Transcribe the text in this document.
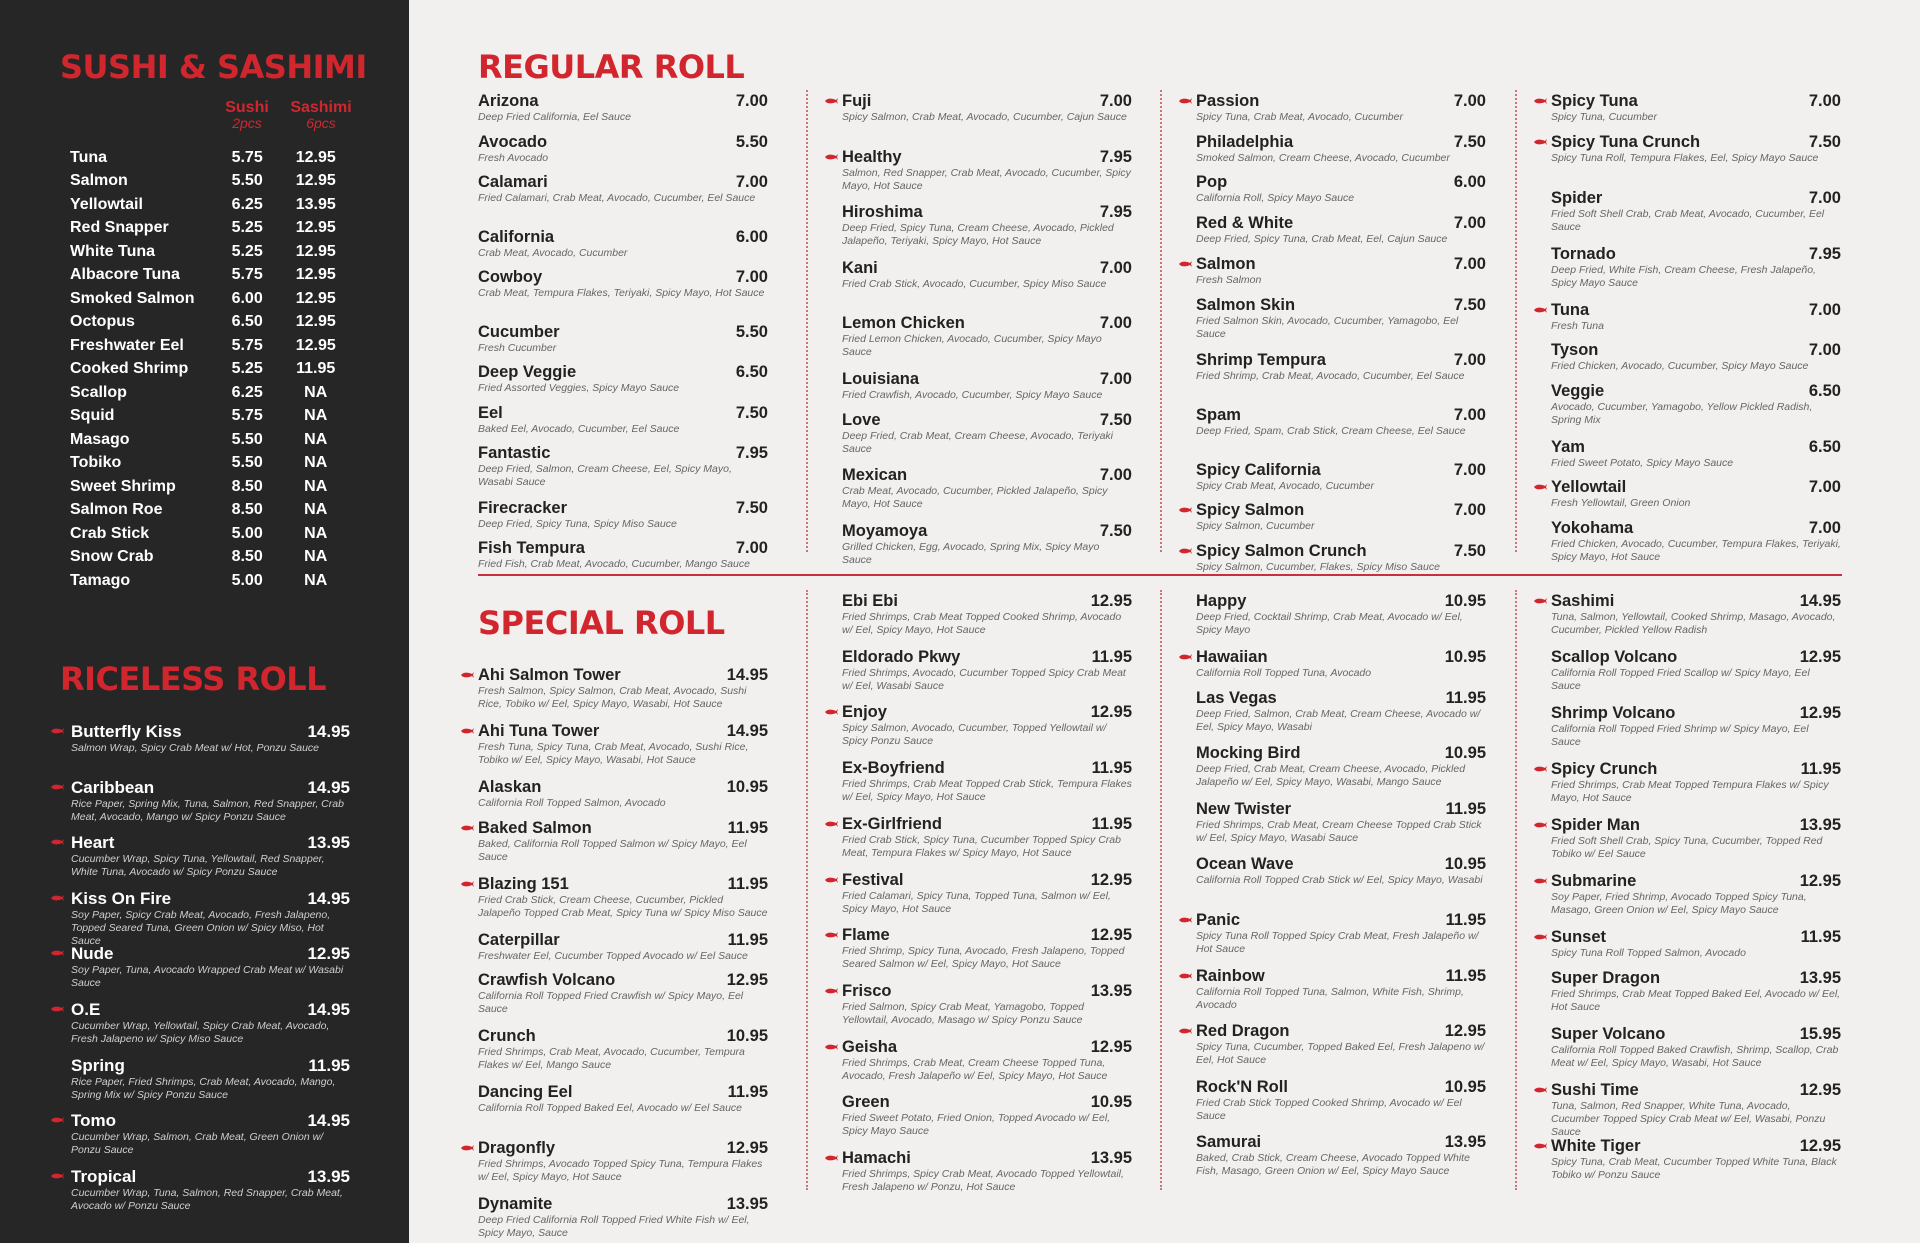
SUSHI & SASHIMI
Sushi
2pcs
Sashimi
6pcs
Tuna	5.75	12.95
Salmon	5.50	12.95
Yellowtail	6.25	13.95
Red Snapper	5.25	12.95
White Tuna	5.25	12.95
Albacore Tuna	5.75	12.95
Smoked Salmon	6.00	12.95
Octopus	6.50	12.95
Freshwater Eel	5.75	12.95
Cooked Shrimp	5.25	11.95
Scallop	6.25	NA
Squid	5.75	NA
Masago	5.50	NA
Tobiko	5.50	NA
Sweet Shrimp	8.50	NA
Salmon Roe	8.50	NA
Crab Stick	5.00	NA
Snow Crab	8.50	NA
Tamago	5.00	NA
RICELESS ROLL
Butterfly Kiss	14.95
Salmon Wrap, Spicy Crab Meat w/ Hot, Ponzu Sauce
Caribbean	14.95
Rice Paper, Spring Mix, Tuna, Salmon, Red Snapper, Crab Meat, Avocado, Mango w/ Spicy Ponzu Sauce
Heart	13.95
Cucumber Wrap, Spicy Tuna, Yellowtail, Red Snapper, White Tuna, Avocado w/ Spicy Ponzu Sauce
Kiss On Fire	14.95
Soy Paper, Spicy Crab Meat, Avocado, Fresh Jalapeno, Topped Seared Tuna, Green Onion w/ Spicy Miso, Hot Sauce
Nude	12.95
Soy Paper, Tuna, Avocado Wrapped Crab Meat w/ Wasabi Sauce
O.E	14.95
Cucumber Wrap, Yellowtail, Spicy Crab Meat, Avocado, Fresh Jalapeno w/ Spicy Miso Sauce
Spring	11.95
Rice Paper, Fried Shrimps, Crab Meat, Avocado, Mango, Spring Mix w/ Spicy Ponzu Sauce
Tomo	14.95
Cucumber Wrap, Salmon, Crab Meat, Green Onion w/ Ponzu Sauce
Tropical	13.95
Cucumber Wrap, Tuna, Salmon, Red Snapper, Crab Meat, Avocado w/ Ponzu Sauce
REGULAR ROLL
Arizona	7.00
Deep Fried California, Eel Sauce
Avocado	5.50
Fresh Avocado
Calamari	7.00
Fried Calamari, Crab Meat, Avocado, Cucumber, Eel Sauce
California	6.00
Crab Meat, Avocado, Cucumber
Cowboy	7.00
Crab Meat, Tempura Flakes, Teriyaki, Spicy Mayo, Hot Sauce
Cucumber	5.50
Fresh Cucumber
Deep Veggie	6.50
Fried Assorted Veggies, Spicy Mayo Sauce
Eel	7.50
Baked Eel, Avocado, Cucumber, Eel Sauce
Fantastic	7.95
Deep Fried, Salmon, Cream Cheese, Eel, Spicy Mayo, Wasabi Sauce
Firecracker	7.50
Deep Fried, Spicy Tuna, Spicy Miso Sauce
Fish Tempura	7.00
Fried Fish, Crab Meat, Avocado, Cucumber, Mango Sauce
Fuji	7.00
Spicy Salmon, Crab Meat, Avocado, Cucumber, Cajun Sauce
Healthy	7.95
Salmon, Red Snapper, Crab Meat, Avocado, Cucumber, Spicy Mayo, Hot Sauce
Hiroshima	7.95
Deep Fried, Spicy Tuna, Cream Cheese, Avocado, Pickled Jalapeño, Teriyaki, Spicy Mayo, Hot Sauce
Kani	7.00
Fried Crab Stick, Avocado, Cucumber, Spicy Miso Sauce
Lemon Chicken	7.00
Fried Lemon Chicken, Avocado, Cucumber, Spicy Mayo Sauce
Louisiana	7.00
Fried Crawfish, Avocado, Cucumber, Spicy Mayo Sauce
Love	7.50
Deep Fried, Crab Meat, Cream Cheese, Avocado, Teriyaki Sauce
Mexican	7.00
Crab Meat, Avocado, Cucumber, Pickled Jalapeño, Spicy Mayo, Hot Sauce
Moyamoya	7.50
Grilled Chicken, Egg, Avocado, Spring Mix, Spicy Mayo Sauce
Passion	7.00
Spicy Tuna, Crab Meat, Avocado, Cucumber
Philadelphia	7.50
Smoked Salmon, Cream Cheese, Avocado, Cucumber
Pop	6.00
California Roll, Spicy Mayo Sauce
Red & White	7.00
Deep Fried, Spicy Tuna, Crab Meat, Eel, Cajun Sauce
Salmon	7.00
Fresh Salmon
Salmon Skin	7.50
Fried Salmon Skin, Avocado, Cucumber, Yamagobo, Eel Sauce
Shrimp Tempura	7.00
Fried Shrimp, Crab Meat, Avocado, Cucumber, Eel Sauce
Spam	7.00
Deep Fried, Spam, Crab Stick, Cream Cheese, Eel Sauce
Spicy California	7.00
Spicy Crab Meat, Avocado, Cucumber
Spicy Salmon	7.00
Spicy Salmon, Cucumber
Spicy Salmon Crunch	7.50
Spicy Salmon, Cucumber, Flakes, Spicy Miso Sauce
Spicy Tuna	7.00
Spicy Tuna, Cucumber
Spicy Tuna Crunch	7.50
Spicy Tuna Roll, Tempura Flakes, Eel, Spicy Mayo Sauce
Spider	7.00
Fried Soft Shell Crab, Crab Meat, Avocado, Cucumber, Eel Sauce
Tornado	7.95
Deep Fried, White Fish, Cream Cheese, Fresh Jalapeño, Spicy Mayo Sauce
Tuna	7.00
Fresh Tuna
Tyson	7.00
Fried Chicken, Avocado, Cucumber, Spicy Mayo Sauce
Veggie	6.50
Avocado, Cucumber, Yamagobo, Yellow Pickled Radish, Spring Mix
Yam	6.50
Fried Sweet Potato, Spicy Mayo Sauce
Yellowtail	7.00
Fresh Yellowtail, Green Onion
Yokohama	7.00
Fried Chicken, Avocado, Cucumber, Tempura Flakes, Teriyaki, Spicy Mayo, Hot Sauce
SPECIAL ROLL
Ahi Salmon Tower	14.95
Fresh Salmon, Spicy Salmon, Crab Meat, Avocado, Sushi Rice, Tobiko w/ Eel, Spicy Mayo, Wasabi, Hot Sauce
Ahi Tuna Tower	14.95
Fresh Tuna, Spicy Tuna, Crab Meat, Avocado, Sushi Rice, Tobiko w/ Eel, Spicy Mayo, Wasabi, Hot Sauce
Alaskan	10.95
California Roll Topped Salmon, Avocado
Baked Salmon	11.95
Baked, California Roll Topped Salmon w/ Spicy Mayo, Eel Sauce
Blazing 151	11.95
Fried Crab Stick, Cream Cheese, Cucumber, Pickled Jalapeño Topped Crab Meat, Spicy Tuna w/ Spicy Miso Sauce
Caterpillar	11.95
Freshwater Eel, Cucumber Topped Avocado w/ Eel Sauce
Crawfish Volcano	12.95
California Roll Topped Fried Crawfish w/ Spicy Mayo, Eel Sauce
Crunch	10.95
Fried Shrimps, Crab Meat, Avocado, Cucumber, Tempura Flakes w/ Eel, Mango Sauce
Dancing Eel	11.95
California Roll Topped Baked Eel, Avocado w/ Eel Sauce
Dragonfly	12.95
Fried Shrimps, Avocado Topped Spicy Tuna, Tempura Flakes w/ Eel, Spicy Mayo, Hot Sauce
Dynamite	13.95
Deep Fried California Roll Topped Fried White Fish w/ Eel, Spicy Mayo, Sauce
Ebi Ebi	12.95
Fried Shrimps, Crab Meat Topped Cooked Shrimp, Avocado w/ Eel, Spicy Mayo, Hot Sauce
Eldorado Pkwy	11.95
Fried Shrimps, Avocado, Cucumber Topped Spicy Crab Meat w/ Eel, Wasabi Sauce
Enjoy	12.95
Spicy Salmon, Avocado, Cucumber, Topped Yellowtail w/ Spicy Ponzu Sauce
Ex-Boyfriend	11.95
Fried Shrimps, Crab Meat Topped Crab Stick, Tempura Flakes w/ Eel, Spicy Mayo, Hot Sauce
Ex-Girlfriend	11.95
Fried Crab Stick, Spicy Tuna, Cucumber Topped Spicy Crab Meat, Tempura Flakes w/ Spicy Mayo, Hot Sauce
Festival	12.95
Fried Calamari, Spicy Tuna, Topped Tuna, Salmon w/ Eel, Spicy Mayo, Hot Sauce
Flame	12.95
Fried Shrimp, Spicy Tuna, Avocado, Fresh Jalapeno, Topped Seared Salmon w/ Eel, Spicy Mayo, Hot Sauce
Frisco	13.95
Fried Salmon, Spicy Crab Meat, Yamagobo, Topped Yellowtail, Avocado, Masago w/ Spicy Ponzu Sauce
Geisha	12.95
Fried Shrimps, Crab Meat, Cream Cheese Topped Tuna, Avocado, Fresh Jalapeño w/ Eel, Spicy Mayo, Hot Sauce
Green	10.95
Fried Sweet Potato, Fried Onion, Topped Avocado w/ Eel, Spicy Mayo Sauce
Hamachi	13.95
Fried Shrimps, Spicy Crab Meat, Avocado Topped Yellowtail, Fresh Jalapeno w/ Ponzu, Hot Sauce
Happy	10.95
Deep Fried, Cocktail Shrimp, Crab Meat, Avocado w/ Eel, Spicy Mayo
Hawaiian	10.95
California Roll Topped Tuna, Avocado
Las Vegas	11.95
Deep Fried, Salmon, Crab Meat, Cream Cheese, Avocado w/ Eel, Spicy Mayo, Wasabi
Mocking Bird	10.95
Deep Fried, Crab Meat, Cream Cheese, Avocado, Pickled Jalapeño w/ Eel, Spicy Mayo, Wasabi, Mango Sauce
New Twister	11.95
Fried Shrimps, Crab Meat, Cream Cheese Topped Crab Stick w/ Eel, Spicy Mayo, Wasabi Sauce
Ocean Wave	10.95
California Roll Topped Crab Stick w/ Eel, Spicy Mayo, Wasabi
Panic	11.95
Spicy Tuna Roll Topped Spicy Crab Meat, Fresh Jalapeño w/ Hot Sauce
Rainbow	11.95
California Roll Topped Tuna, Salmon, White Fish, Shrimp, Avocado
Red Dragon	12.95
Spicy Tuna, Cucumber, Topped Baked Eel, Fresh Jalapeno w/ Eel, Hot Sauce
Rock'N Roll	10.95
Fried Crab Stick Topped Cooked Shrimp, Avocado w/ Eel Sauce
Samurai	13.95
Baked, Crab Stick, Cream Cheese, Avocado Topped White Fish, Masago, Green Onion w/ Eel, Spicy Mayo Sauce
Sashimi	14.95
Tuna, Salmon, Yellowtail, Cooked Shrimp, Masago, Avocado, Cucumber, Pickled Yellow Radish
Scallop Volcano	12.95
California Roll Topped Fried Scallop w/ Spicy Mayo, Eel Sauce
Shrimp Volcano	12.95
California Roll Topped Fried Shrimp w/ Spicy Mayo, Eel Sauce
Spicy Crunch	11.95
Fried Shrimps, Crab Meat Topped Tempura Flakes w/ Spicy Mayo, Hot Sauce
Spider Man	13.95
Fried Soft Shell Crab, Spicy Tuna, Cucumber, Topped Red Tobiko w/ Eel Sauce
Submarine	12.95
Soy Paper, Fried Shrimp, Avocado Topped Spicy Tuna, Masago, Green Onion w/ Eel, Spicy Mayo Sauce
Sunset	11.95
Spicy Tuna Roll Topped Salmon, Avocado
Super Dragon	13.95
Fried Shrimps, Crab Meat Topped Baked Eel, Avocado w/ Eel, Hot Sauce
Super Volcano	15.95
California Roll Topped Baked Crawfish, Shrimp, Scallop, Crab Meat w/ Eel, Spicy Mayo, Wasabi, Hot Sauce
Sushi Time	12.95
Tuna, Salmon, Red Snapper, White Tuna, Avocado, Cucumber Topped Spicy Crab Meat w/ Eel, Wasabi, Ponzu Sauce
White Tiger	12.95
Spicy Tuna, Crab Meat, Cucumber Topped White Tuna, Black Tobiko w/ Ponzu Sauce
